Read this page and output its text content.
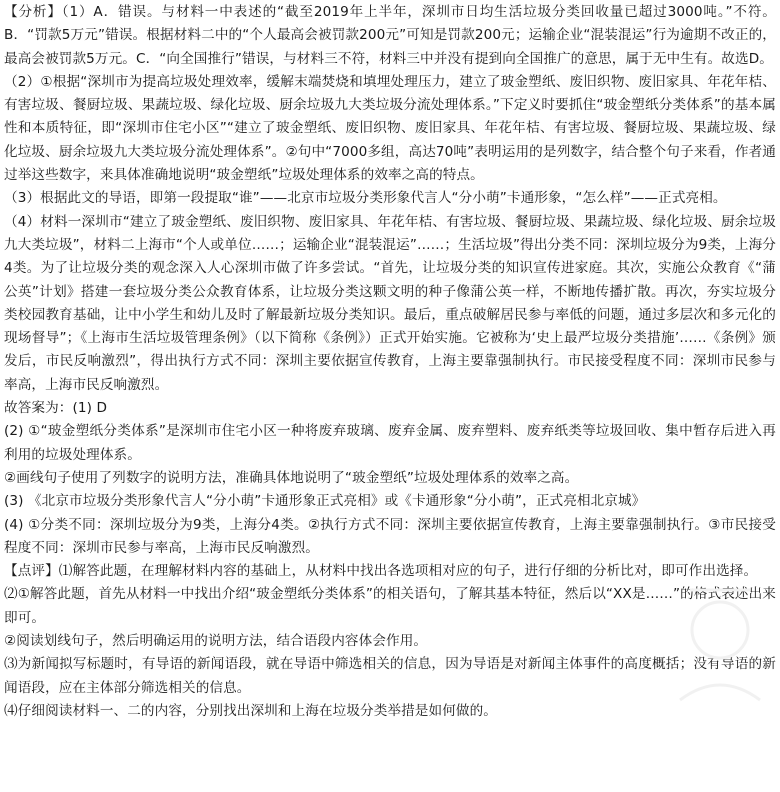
【分析】（1）A．错误。与材料一中表述的“截至2019年上半年，深圳市日均生活垃圾分类回收量已超过3000吨。”不符。B．“罚款5万元”错误。根据材料二中的“个人最高会被罚款200元”可知是罚款200元；运输企业“混装混运”行为逾期不改正的，最高会被罚款5万元。C．“向全国推行”错误，与材料三不符，材料三中并没有提到向全国推广的意思，属于无中生有。故选D。

（2）①根据“深圳市为提高垃圾处理效率，缓解末端焚烧和填埋处理压力，建立了玻金塑纸、废旧织物、废旧家具、年花年桔、有害垃圾、餐厨垃圾、果蔬垃圾、绿化垃圾、厨余垃圾九大类垃圾分流处理体系。”下定义时要抓住“玻金塑纸分类体系”的基本属性和本质特征，即“深圳市住宅小区”“建立了玻金塑纸、废旧织物、废旧家具、年花年桔、有害垃圾、餐厨垃圾、果蔬垃圾、绿化垃圾、厨余垃圾九大类垃圾分流处理体系”。②句中“7000多组，高达70吨”表明运用的是列数字，结合整个句子来看，作者通过举这些数字，来具体准确地说明“玻金塑纸”垃圾处理体系的效率之高的特点。

（3）根据此文的导语，即第一段提取“谁”——北京市垃圾分类形象代言人“分小萌”卡通形象，“怎么样”——正式亮相。

（4）材料一深圳市“建立了玻金塑纸、废旧织物、废旧家具、年花年桔、有害垃圾、餐厨垃圾、果蔬垃圾、绿化垃圾、厨余垃圾九大类垃圾”，材料二上海市“个人或单位……；运输企业“混装混运”……；生活垃圾”得出分类不同：深圳垃圾分为9类，上海分4类。为了让垃圾分类的观念深入人心深圳市做了许多尝试。“首先，让垃圾分类的知识宣传进家庭。其次，实施公众教育《“蒲公英”计划》搭建一套垃圾分类公众教育体系，让垃圾分类这颗文明的种子像蒲公英一样，不断地传播扩散。再次，夯实垃圾分类校园教育基础，让中小学生和幼儿及时了解最新垃圾分类知识。最后，重点破解居民参与率低的问题，通过多层次和多元化的现场督导”；《上海市生活垃圾管理条例》（以下简称《条例》）正式开始实施。它被称为‘史上最严垃圾分类措施’……《条例》颁发后，市民反响激烈”，得出执行方式不同：深圳主要依据宣传教育，上海主要靠强制执行。市民接受程度不同：深圳市民参与率高，上海市民反响激烈。

故答案为：(1) D

(2) ①“玻金塑纸分类体系”是深圳市住宅小区一种将废弃玻璃、废弃金属、废弃塑料、废弃纸类等垃圾回收、集中暂存后进入再利用的垃圾处理体系。

②画线句子使用了列数字的说明方法，准确具体地说明了“玻金塑纸”垃圾处理体系的效率之高。

(3) 《北京市垃圾分类形象代言人“分小萌”卡通形象正式亮相》或《卡通形象“分小萌”，正式亮相北京城》

(4) ①分类不同：深圳垃圾分为9类，上海分4类。②执行方式不同：深圳主要依据宣传教育，上海主要靠强制执行。③市民接受程度不同：深圳市民参与率高，上海市民反响激烈。

【点评】⑴解答此题，在理解材料内容的基础上，从材料中找出各选项相对应的句子，进行仔细的分析比对，即可作出选择。

⑵①解答此题，首先从材料一中找出介绍“玻金塑纸分类体系”的相关语句，了解其基本特征，然后以“XX是……”的格式表述出来即可。

②阅读划线句子，然后明确运用的说明方法，结合语段内容体会作用。

⑶为新闻拟写标题时，有导语的新闻语段，就在导语中筛选相关的信息，因为导语是对新闻主体事件的高度概括；没有导语的新闻语段，应在主体部分筛选相关的信息。

⑷仔细阅读材料一、二的内容，分别找出深圳和上海在垃圾分类举措是如何做的。
